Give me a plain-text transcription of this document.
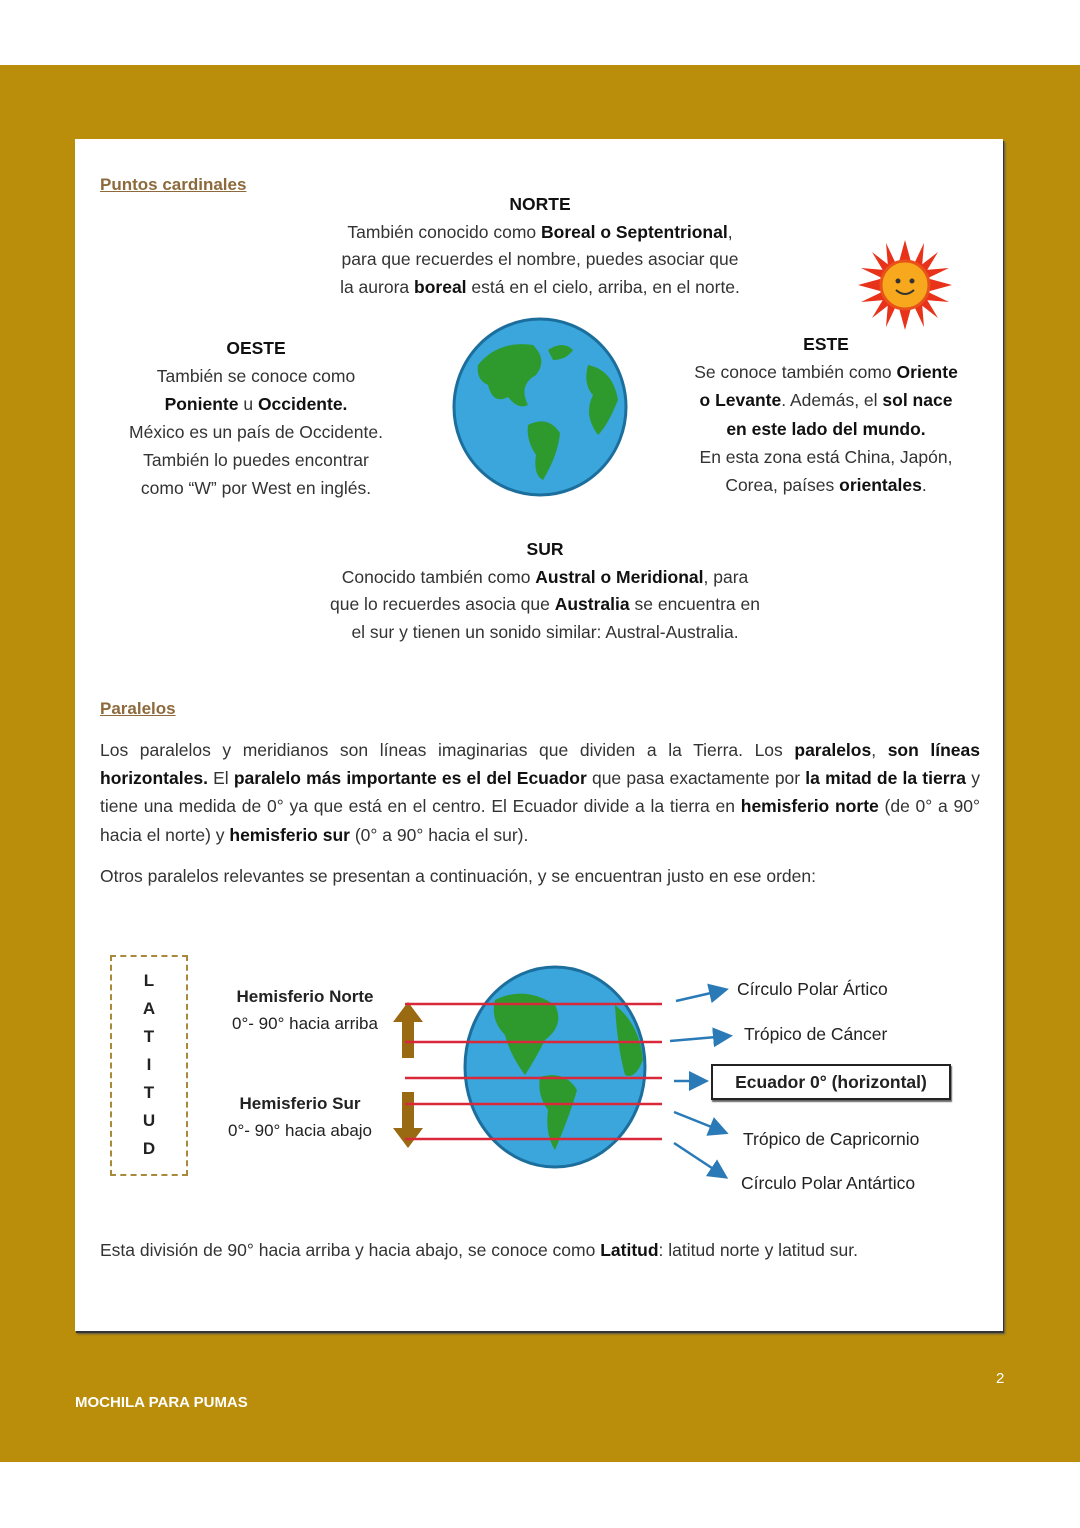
Puntos cardinales
NORTE
También conocido como Boreal o Septentrional,
para que recuerdes el nombre, puedes asociar que
la aurora boreal está en el cielo, arriba, en el norte.
OESTE
También se conoce como
Poniente u Occidente.
México es un país de Occidente.
También lo puedes encontrar
como “W” por West en inglés.
ESTE
Se conoce también como Oriente
o Levante. Además, el sol nace
en este lado del mundo.
En esta zona está China, Japón,
Corea, países orientales.
SUR
Conocido también como Austral o Meridional, para
que lo recuerdes asocia que Australia se encuentra en
el sur y tienen un sonido similar: Austral-Australia.
Paralelos
Los paralelos y meridianos son líneas imaginarias que dividen a la Tierra. Los paralelos, son líneas horizontales. El paralelo más importante es el del Ecuador que pasa exactamente por la mitad de la tierra y tiene una medida de 0° ya que está en el centro. El Ecuador divide a la tierra en hemisferio norte (de 0° a 90° hacia el norte) y hemisferio sur (0° a 90° hacia el sur).
Otros paralelos relevantes se presentan a continuación, y se encuentran justo en ese orden:
L
A
T
I
T
U
D
Hemisferio Norte
0°- 90° hacia arriba
Hemisferio Sur
0°- 90° hacia abajo
Círculo Polar Ártico
Trópico de Cáncer
Ecuador 0° (horizontal)
Trópico de Capricornio
Círculo Polar Antártico
Esta división de 90° hacia arriba y hacia abajo, se conoce como Latitud: latitud norte y latitud sur.
2
MOCHILA PARA PUMAS
